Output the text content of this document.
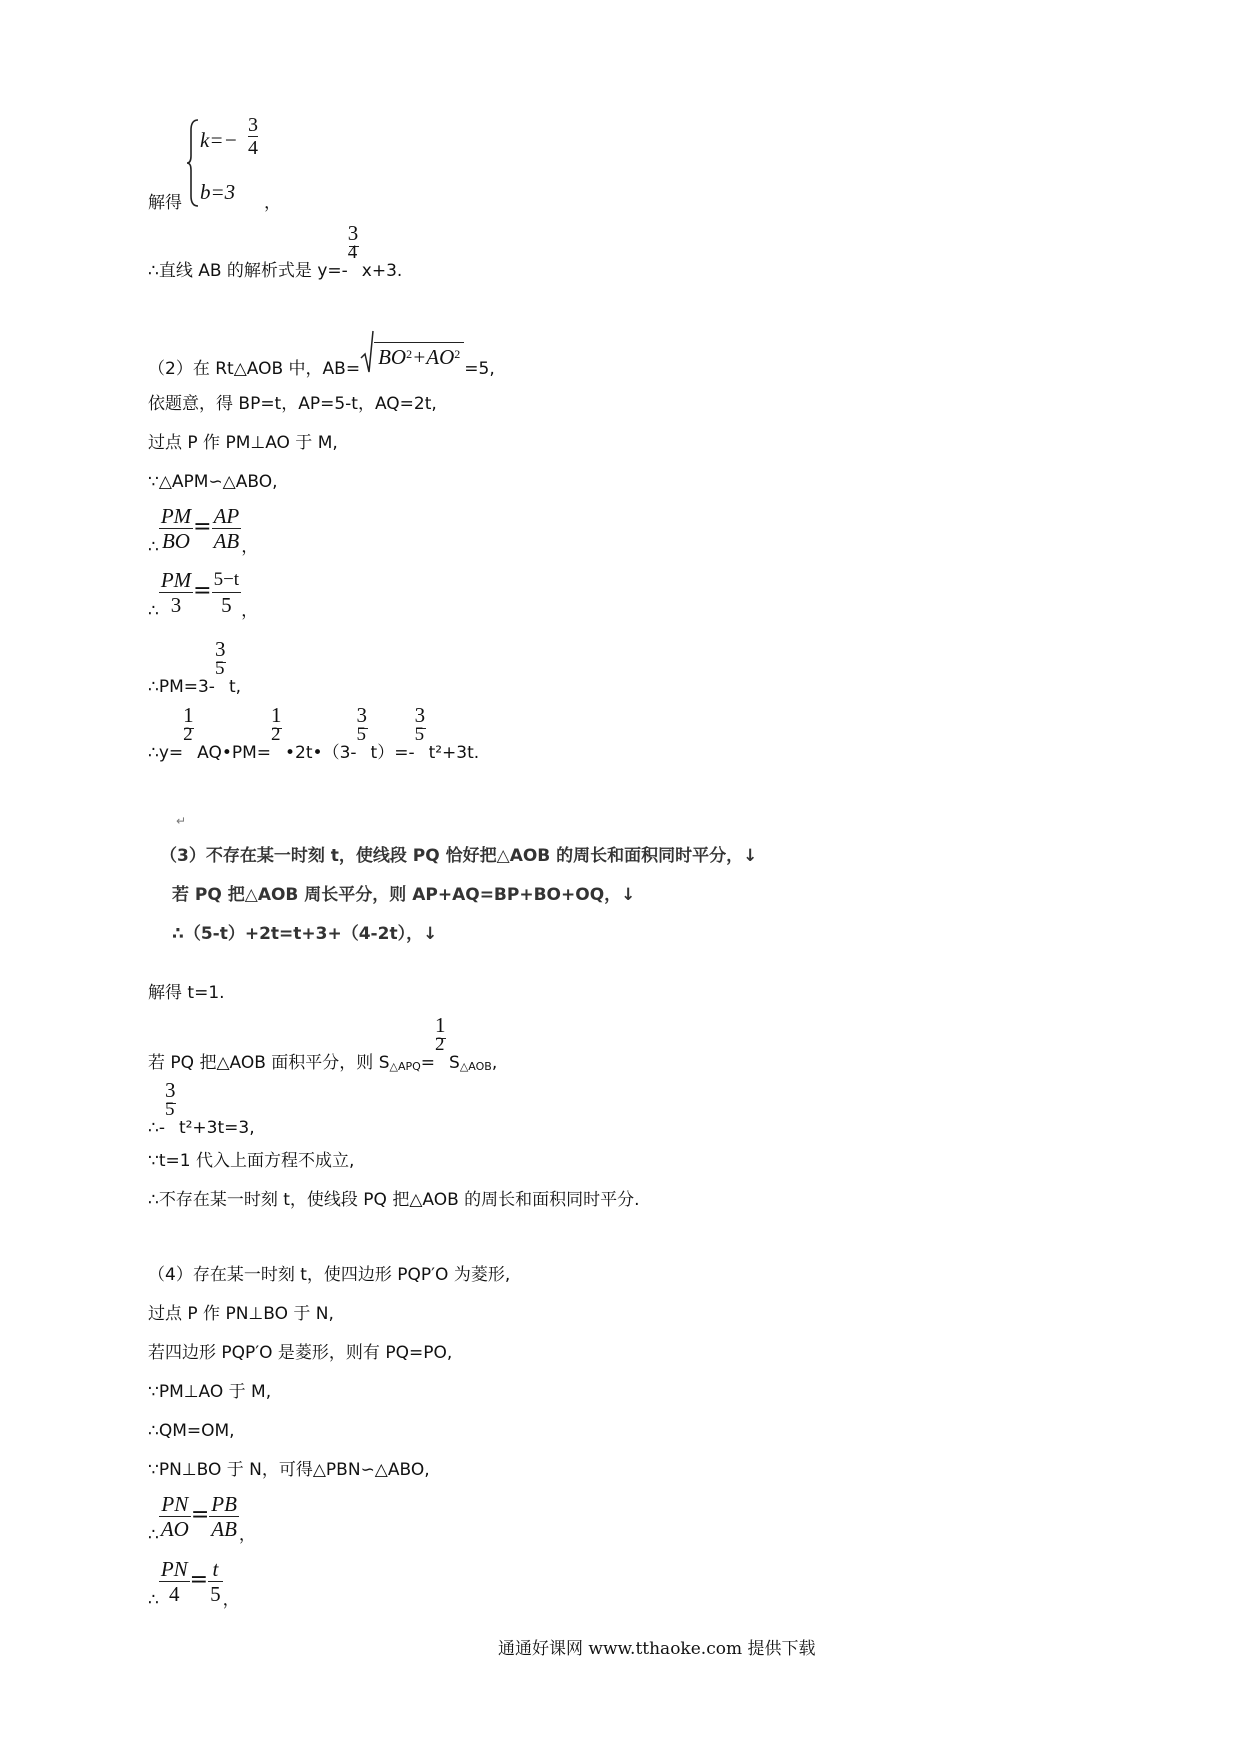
解得
k=−
3
4
b=3 ，
∴直线 AB 的解析式是 $y=- \frac{3}{4} x+3$.
（2）在 Rt△AOB 中，$AB= BO^2+AO^2=5$,
依题意，得 BP=t，AP=5-t，AQ=2t,
过点 P 作 PM⊥AO 于 M,
∵△APM∽△ABO,
∴ $\frac{PM}{BO} = \frac{AP}{AB}$ ，
∴ $\frac{PM}{3} = \frac{5-t}{5}$ ，
∴PM=3- $\frac{3}{5} t$,
∴y= $\frac{1}{2}$ AQ•PM= $\frac{1}{2}$ •2t•（3- $\frac{3}{5} t)=- \frac{3}{5} t^2+3t$.
↵
（3）不存在某一时刻 t，使线段 PQ 恰好把△AOB 的周长和面积同时平分，↓
若 PQ 把△AOB 周长平分，则 AP+AQ=BP+BO+OQ，↓
∴（5-t）+2t=t+3+（4-2t），↓
解得 t=1.
若 PQ 把△AOB 面积平分，则 S△APQ= $\frac{1}{2}$ S△AOB,
∴- $\frac{3}{5} t^2+3t=3$,
∵t=1 代入上面方程不成立,
∴不存在某一时刻 t，使线段 PQ 把△AOB 的周长和面积同时平分.
（4）存在某一时刻 t，使四边形 PQP′O 为菱形,
过点 P 作 PN⊥BO 于 N,
若四边形 PQP′O 是菱形，则有 PQ=PO,
∵PM⊥AO 于 M,
∴QM=OM,
∵PN⊥BO 于 N，可得△PBN∽△ABO,
∴ $\frac{PN}{AO} = \frac{PB}{AB}$ ，
∴ $\frac{PN}{4} = \frac{t}{5}$ ，
通通好课网 www.tthaoke.com 提供下载
